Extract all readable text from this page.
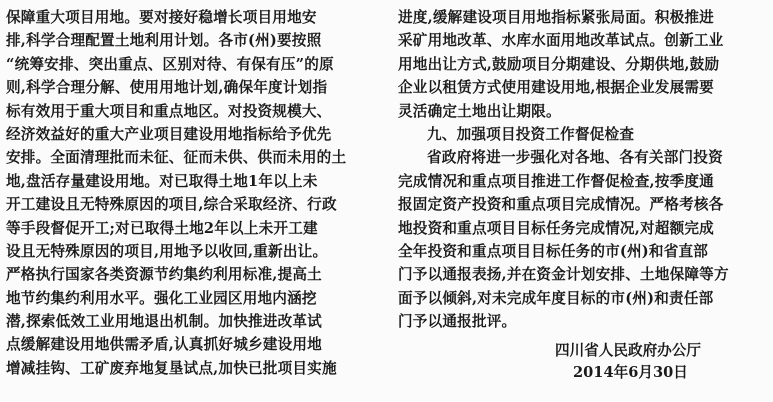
保障重大项目用地。要对接好稳增长项目用地安
排,科学合理配置土地利用计划。各市(州)要按照
“统筹安排、突出重点、区别对待、有保有压”的原
则,科学合理分解、使用用地计划,确保年度计划指
标有效用于重大项目和重点地区。对投资规模大、
经济效益好的重大产业项目建设用地指标给予优先
安排。全面清理批而未征、征而未供、供而未用的土
地,盘活存量建设用地。对已取得土地1年以上未
开工建设且无特殊原因的项目,综合采取经济、行政
等手段督促开工;对已取得土地2年以上未开工建
设且无特殊原因的项目,用地予以收回,重新出让。
严格执行国家各类资源节约集约利用标准,提高土
地节约集约利用水平。强化工业园区用地内涵挖
潜,探索低效工业用地退出机制。加快推进改革试
点缓解建设用地供需矛盾,认真抓好城乡建设用地
增减挂钩、工矿废弃地复垦试点,加快已批项目实施
进度,缓解建设项目用地指标紧张局面。积极推进
采矿用地改革、水库水面用地改革试点。创新工业
用地出让方式,鼓励项目分期建设、分期供地,鼓励
企业以租赁方式使用建设用地,根据企业发展需要
灵活确定土地出让期限。
九、加强项目投资工作督促检查
省政府将进一步强化对各地、各有关部门投资
完成情况和重点项目推进工作督促检查,按季度通
报固定资产投资和重点项目完成情况。严格考核各
地投资和重点项目目标任务完成情况,对超额完成
全年投资和重点项目目标任务的市(州)和省直部
门予以通报表扬,并在资金计划安排、土地保障等方
面予以倾斜,对未完成年度目标的市(州)和责任部
门予以通报批评。
四川省人民政府办公厅
2014年6月30日
